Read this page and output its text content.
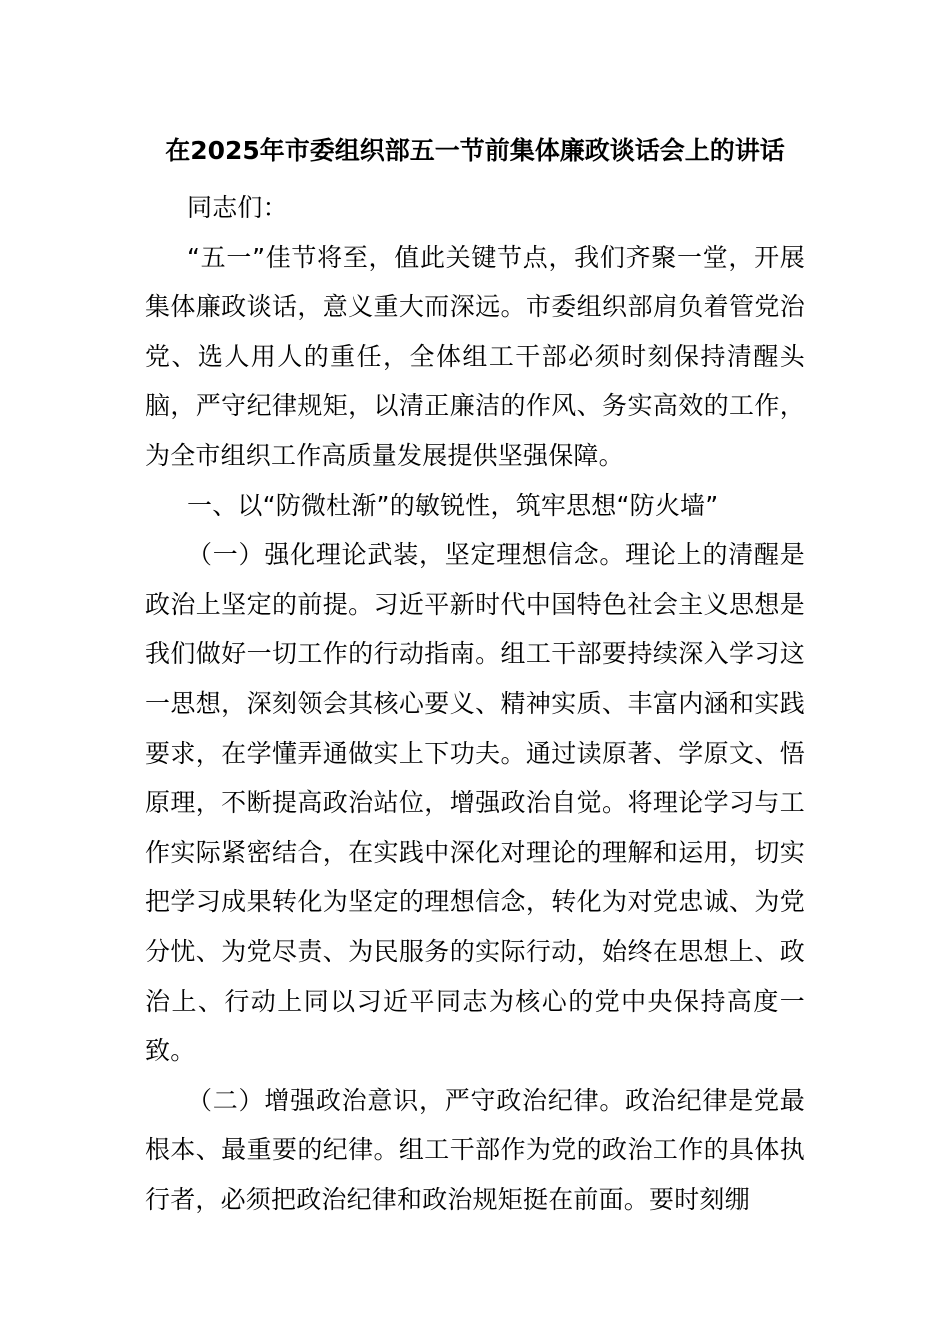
在2025年市委组织部五一节前集体廉政谈话会上的讲话

同志们：

“五一”佳节将至，值此关键节点，我们齐聚一堂，开展集体廉政谈话，意义重大而深远。市委组织部肩负着管党治党、选人用人的重任，全体组工干部必须时刻保持清醒头脑，严守纪律规矩，以清正廉洁的作风、务实高效的工作，为全市组织工作高质量发展提供坚强保障。

一、以“防微杜渐”的敏锐性，筑牢思想“防火墙”

（一）强化理论武装，坚定理想信念。理论上的清醒是政治上坚定的前提。习近平新时代中国特色社会主义思想是我们做好一切工作的行动指南。组工干部要持续深入学习这一思想，深刻领会其核心要义、精神实质、丰富内涵和实践要求，在学懂弄通做实上下功夫。通过读原著、学原文、悟原理，不断提高政治站位，增强政治自觉。将理论学习与工作实际紧密结合，在实践中深化对理论的理解和运用，切实把学习成果转化为坚定的理想信念，转化为对党忠诚、为党分忧、为党尽责、为民服务的实际行动，始终在思想上、政治上、行动上同以习近平同志为核心的党中央保持高度一致。

（二）增强政治意识，严守政治纪律。政治纪律是党最根本、最重要的纪律。组工干部作为党的政治工作的具体执行者，必须把政治纪律和政治规矩挺在前面。要时刻绷
